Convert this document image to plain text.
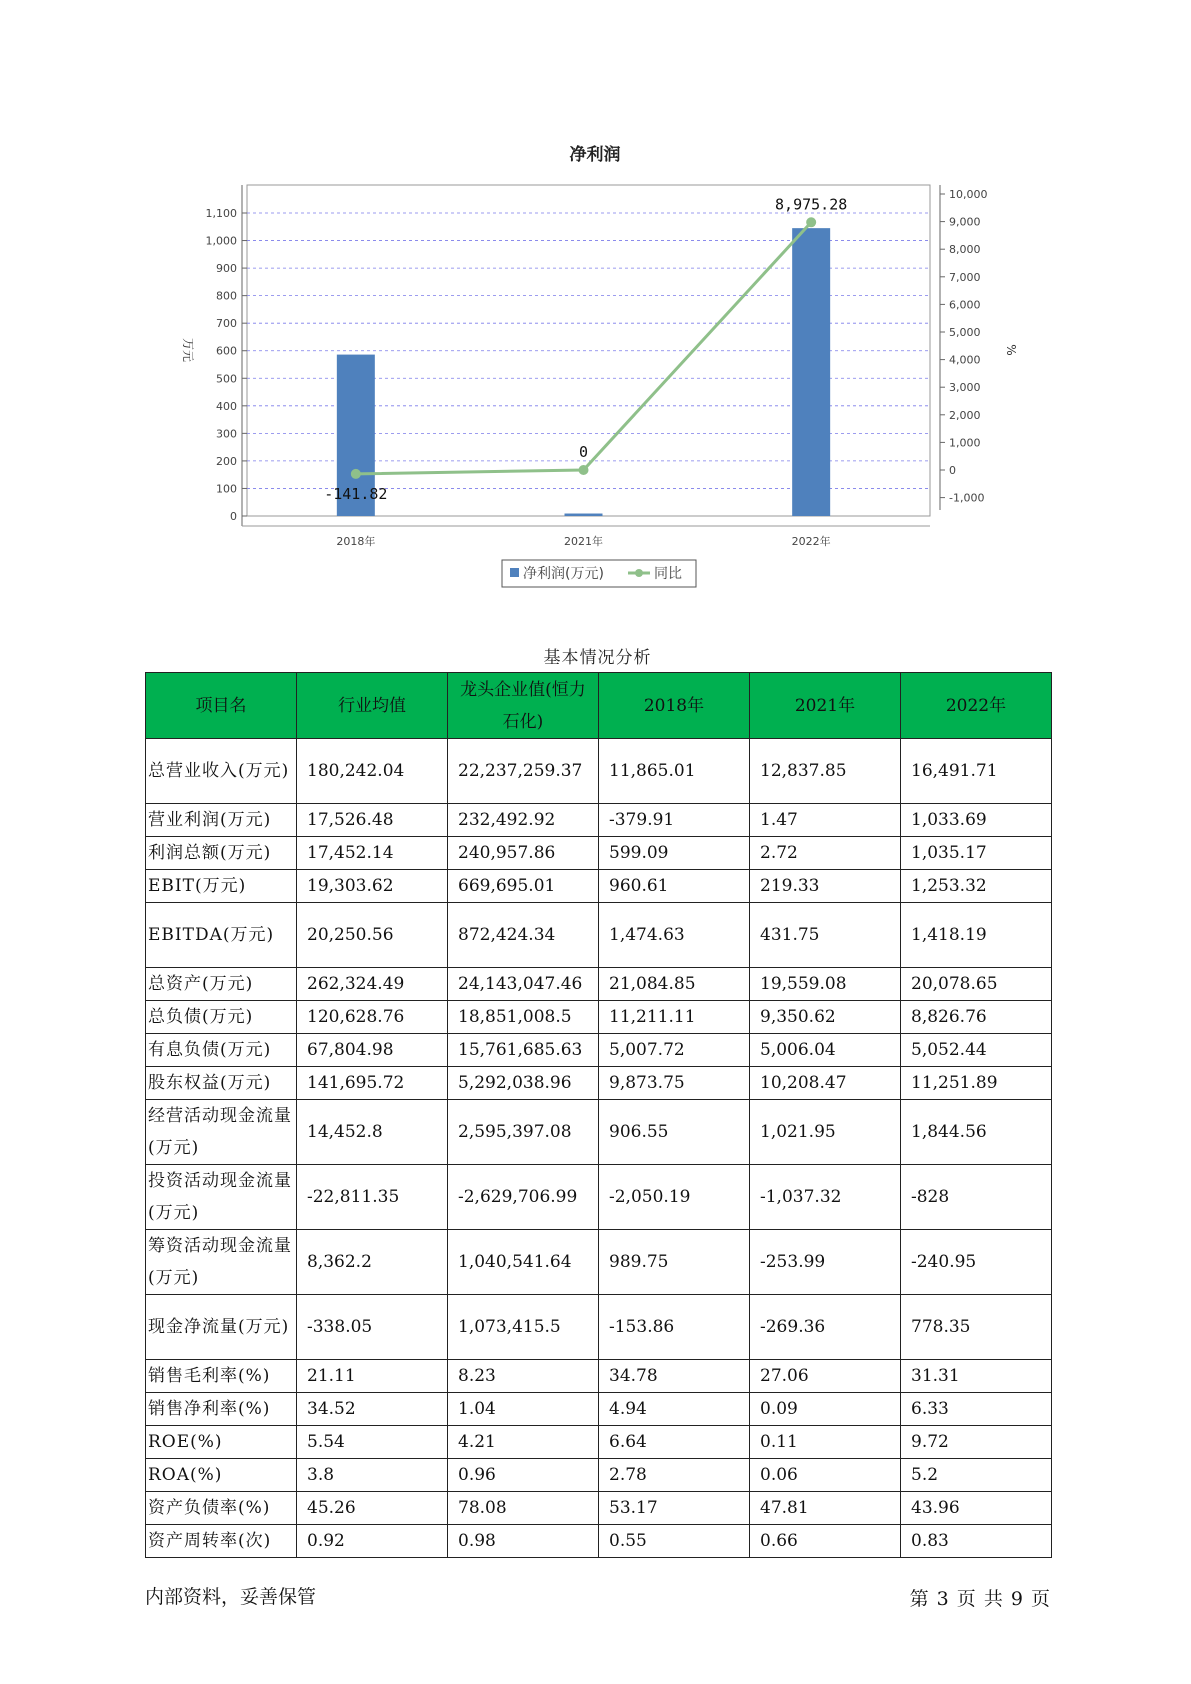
净利润
0
100
200
300
400
500
600
700
800
900
1,000
1,100
-1,000
0
1,000
2,000
3,000
4,000
5,000
6,000
7,000
8,000
9,000
10,000
万元	%
2018年	2021年	2022年
-141.82
0
8,975.28
净利润(万元)	同比
基本情况分析
项目名	行业均值	龙头企业值(恒力石化)	2018年	2021年	2022年
总营业收入(万元)	180,242.04	22,237,259.37	11,865.01	12,837.85	16,491.71
营业利润(万元)	17,526.48	232,492.92	-379.91	1.47	1,033.69
利润总额(万元)	17,452.14	240,957.86	599.09	2.72	1,035.17
EBIT(万元)	19,303.62	669,695.01	960.61	219.33	1,253.32
EBITDA(万元)	20,250.56	872,424.34	1,474.63	431.75	1,418.19
总资产(万元)	262,324.49	24,143,047.46	21,084.85	19,559.08	20,078.65
总负债(万元)	120,628.76	18,851,008.5	11,211.11	9,350.62	8,826.76
有息负债(万元)	67,804.98	15,761,685.63	5,007.72	5,006.04	5,052.44
股东权益(万元)	141,695.72	5,292,038.96	9,873.75	10,208.47	11,251.89
经营活动现金流量(万元)	14,452.8	2,595,397.08	906.55	1,021.95	1,844.56
投资活动现金流量(万元)	-22,811.35	-2,629,706.99	-2,050.19	-1,037.32	-828
筹资活动现金流量(万元)	8,362.2	1,040,541.64	989.75	-253.99	-240.95
现金净流量(万元)	-338.05	1,073,415.5	-153.86	-269.36	778.35
销售毛利率(%)	21.11	8.23	34.78	27.06	31.31
销售净利率(%)	34.52	1.04	4.94	0.09	6.33
ROE(%)	5.54	4.21	6.64	0.11	9.72
ROA(%)	3.8	0.96	2.78	0.06	5.2
资产负债率(%)	45.26	78.08	53.17	47.81	43.96
资产周转率(次)	0.92	0.98	0.55	0.66	0.83
内部资料，妥善保管	第 3 页 共 9 页
